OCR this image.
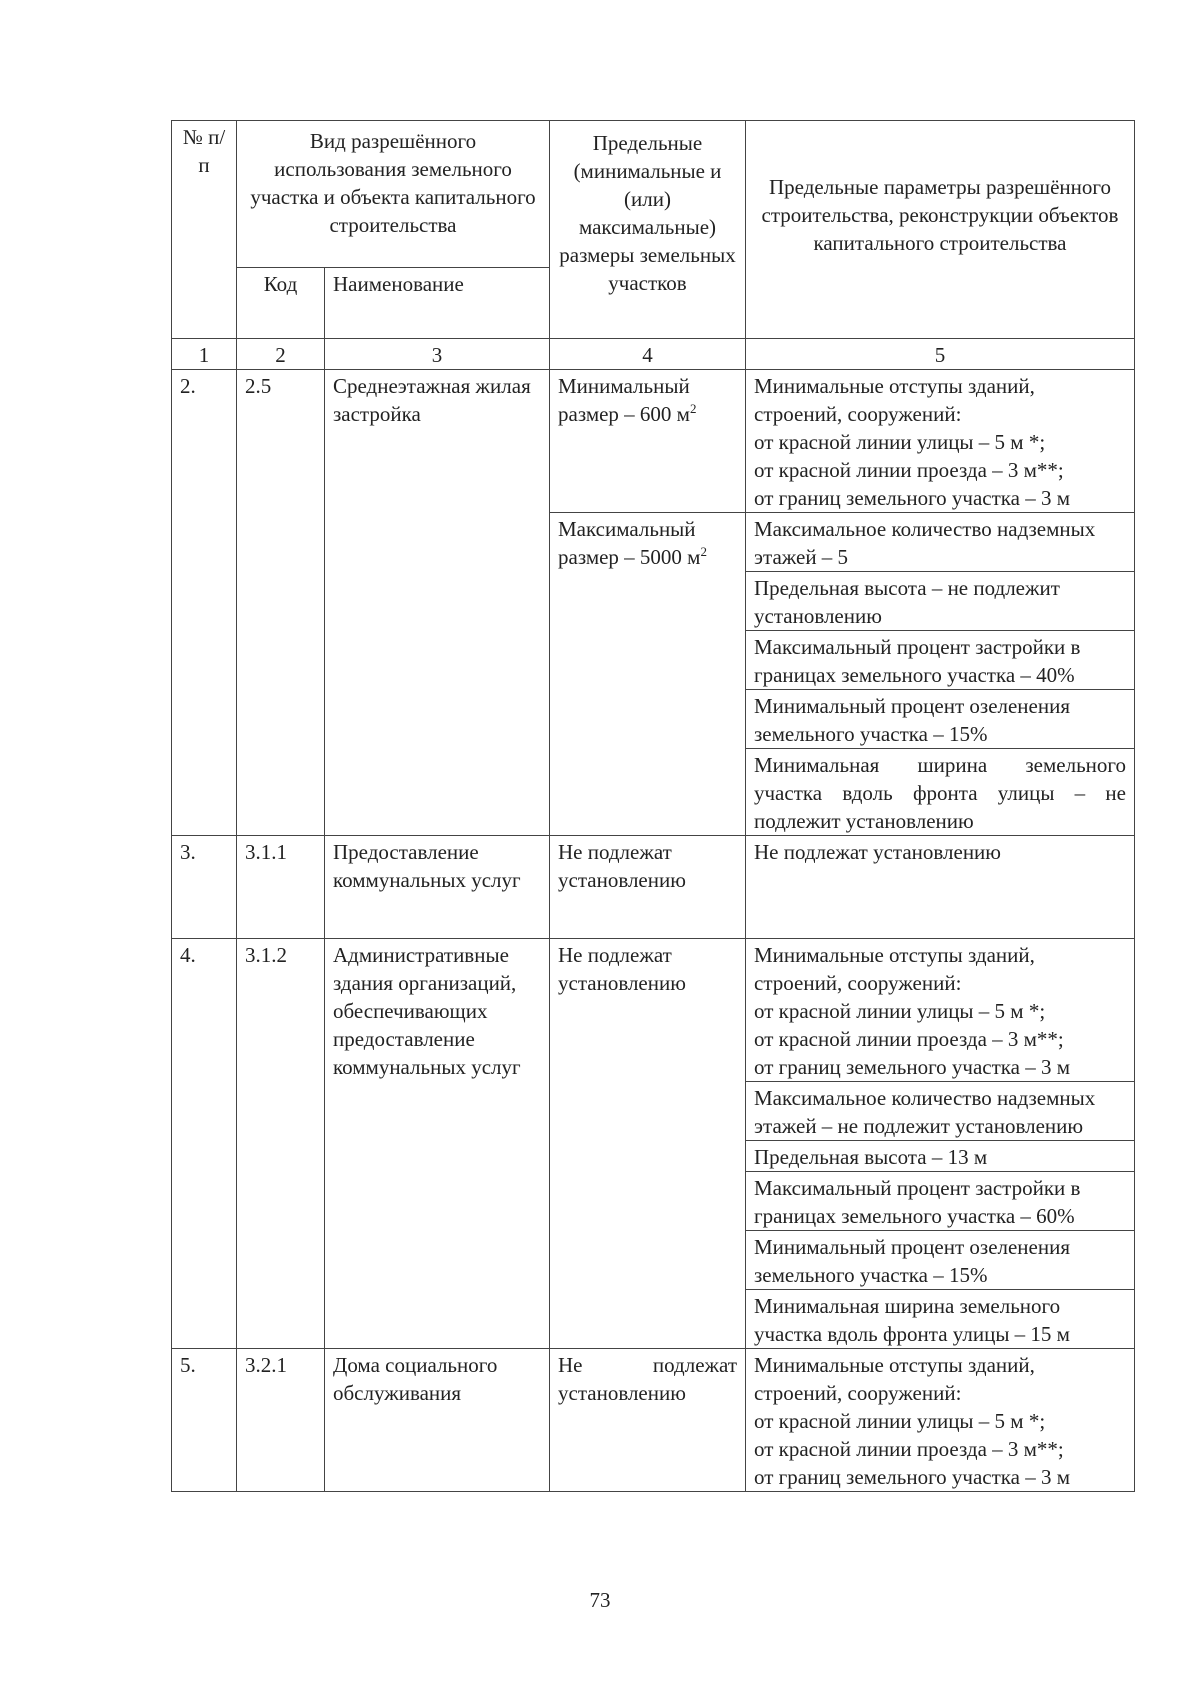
№ п/п	Вид разрешённого использования земельного участка и объекта капитального строительства		Предельные (минимальные и (или) максимальные) размеры земельных участков	Предельные параметры разрешённого строительства, реконструкции объектов капитального строительства
	Код	Наименование		
1	2	3	4	5
2.	2.5	Среднеэтажная жилая застройка	Минимальный размер – 600 $м^2$	Минимальные отступы зданий, строений, сооружений:
от красной линии улицы – 5 м *;
от красной линии проезда – 3 м**;
от границ земельного участка – 3 м

			Максимальный размер – 5000 $м^2$	Максимальное количество надземных этажей – 5
				Предельная высота – не подлежит установлению
				Максимальный процент застройки в границах земельного участка – 40%
				Минимальный процент озеленения земельного участка – 15%
				Минимальная ширина земельного участка вдоль фронта улицы – не подлежит установлению
3.	3.1.1	Предоставление коммунальных услуг	Не подлежат установлению	Не подлежат установлению
4.	3.1.2	Административные здания организаций, обеспечивающих предоставление коммунальных услуг	Не подлежат установлению	Минимальные отступы зданий, строений, сооружений:
от красной линии улицы – 5 м *;
от красной линии проезда – 3 м**;
от границ земельного участка – 3 м

				Максимальное количество надземных этажей – не подлежит установлению
				Предельная высота – 13 м
				Максимальный процент застройки в границах земельного участка – 60%
				Минимальный процент озеленения земельного участка – 15%
				Минимальная ширина земельного участка вдоль фронта улицы – 15 м
5.	3.2.1	Дома социального обслуживания	Не подлежат установлению	Минимальные отступы зданий, строений, сооружений:
от красной линии улицы – 5 м *;
от красной линии проезда – 3 м**;
от границ земельного участка – 3 м
73
